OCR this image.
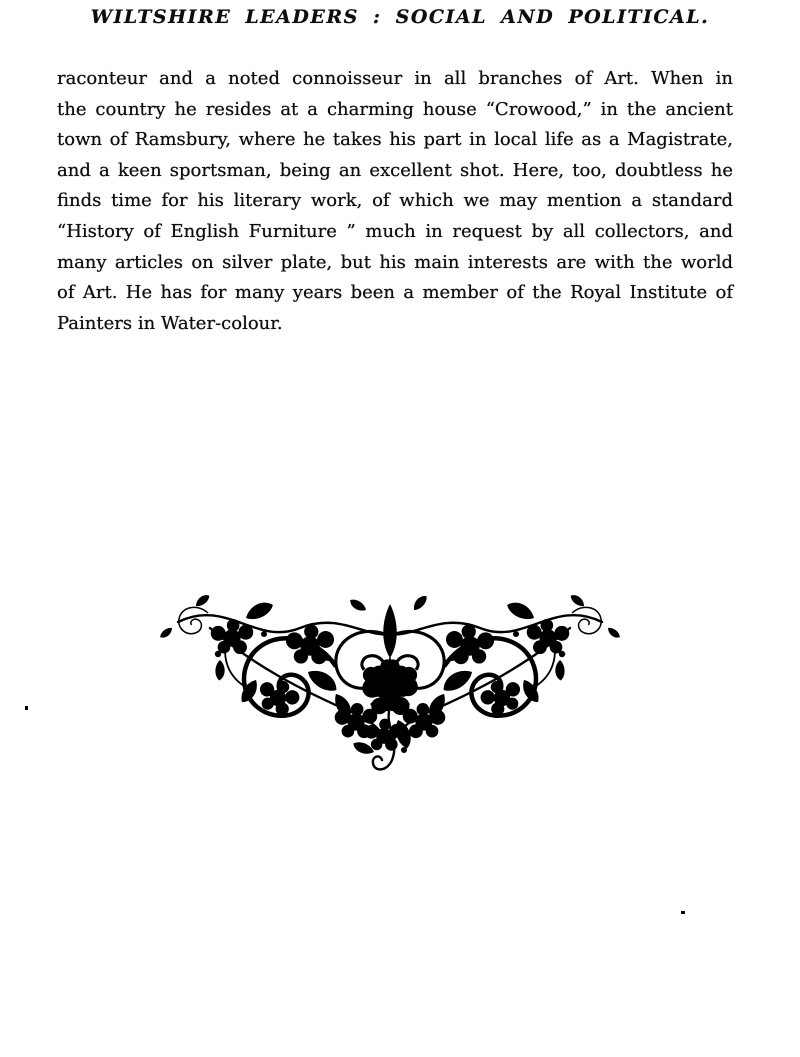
WILTSHIRE LEADERS : SOCIAL AND POLITICAL.
raconteur and a noted connoisseur in all branches of Art. When in
the country he resides at a charming house “Crowood,” in the ancient
town of Ramsbury, where he takes his part in local life as a Magistrate,
and a keen sportsman, being an excellent shot. Here, too, doubtless he
finds time for his literary work, of which we may mention a standard
“History of English Furniture ” much in request by all collectors, and
many articles on silver plate, but his main interests are with the world
of Art. He has for many years been a member of the Royal Institute of
Painters in Water-colour.
